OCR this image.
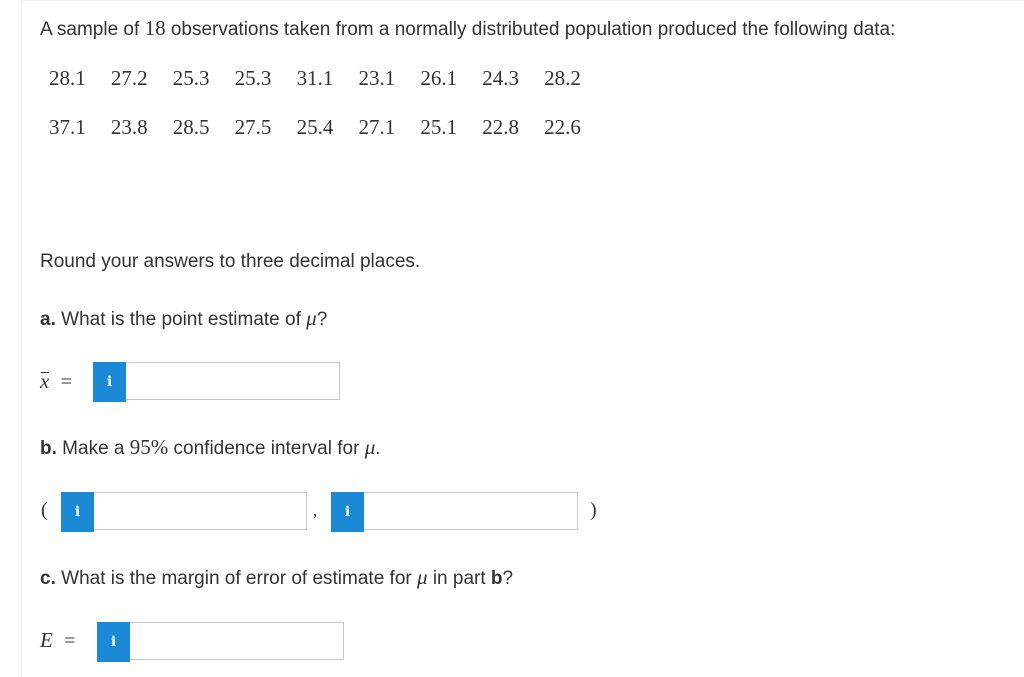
A sample of 18 observations taken from a normally distributed population produced the following data:
28.1	27.2	25.3	25.3	31.1	23.1	26.1	24.3	28.2
37.1	23.8	28.5	27.5	25.4	27.1	25.1	22.8	22.6
Round your answers to three decimal places.
a. What is the point estimate of μ?
x =	i
b. Make a 95% confidence interval for μ.
(	i	,	i	)
c. What is the margin of error of estimate for μ in part b?
E =	i
